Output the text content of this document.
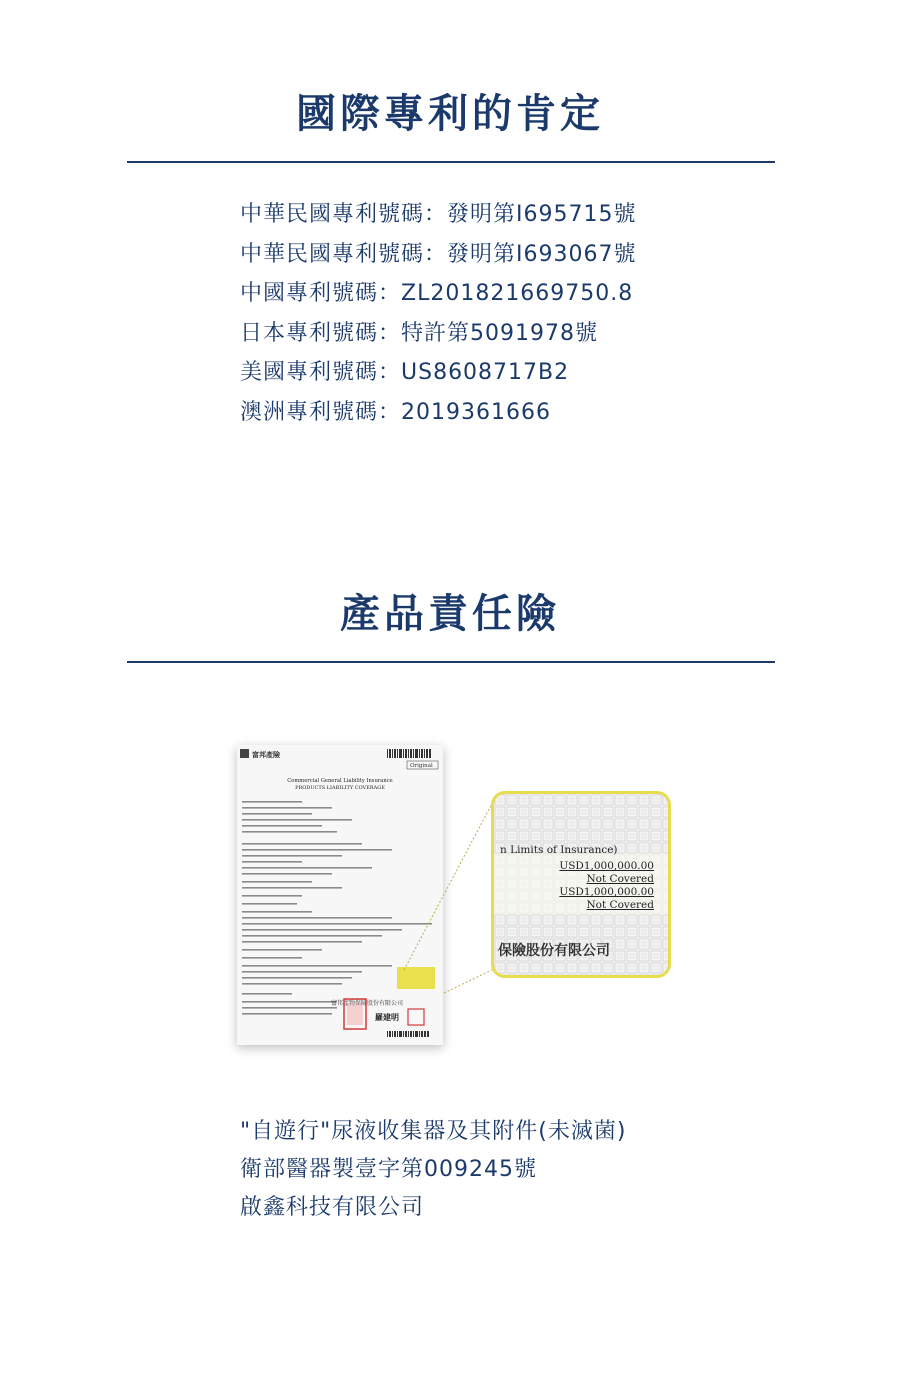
國際專利的肯定
中華民國專利號碼：發明第I695715號
中華民國專利號碼：發明第I693067號
中國專利號碼：ZL201821669750.8
日本專利號碼：特許第5091978號
美國專利號碼：US8608717B2
澳洲專利號碼：2019361666
產品責任險
富邦產險
Original
Commercial General Liability Insurance
PRODUCTS LIABILITY COVERAGE
富邦產物保險股份有限公司
羅建明
n Limits of Insurance)
USD1,000,000.00
Not Covered
USD1,000,000.00
Not Covered
保險股份有限公司
"自遊行"尿液收集器及其附件(未滅菌)
衛部醫器製壹字第009245號
啟鑫科技有限公司
